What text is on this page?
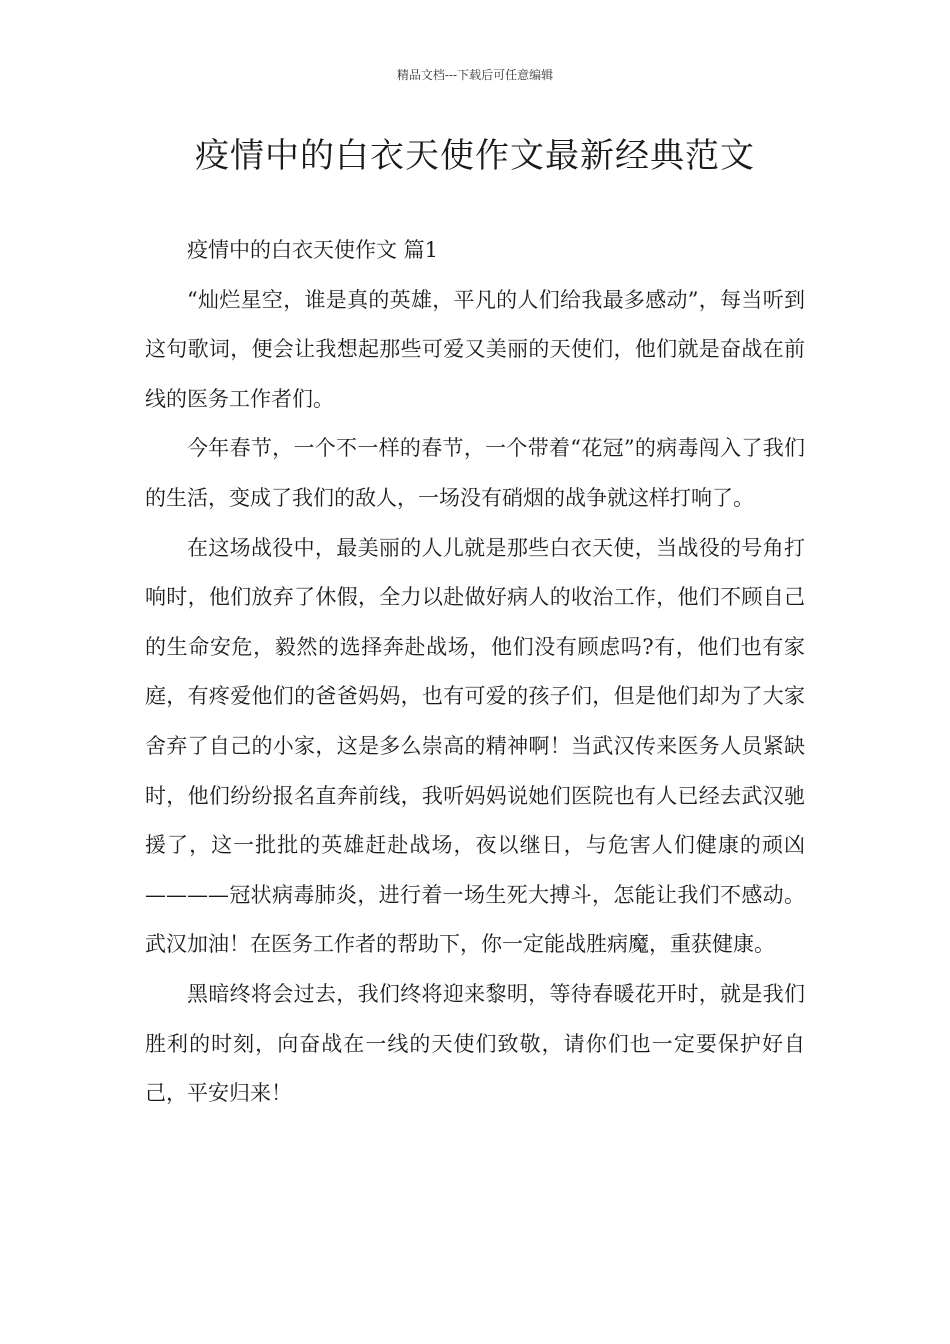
精品文档---下载后可任意编辑
疫情中的白衣天使作文最新经典范文

疫情中的白衣天使作文 篇1

“灿烂星空，谁是真的英雄，平凡的人们给我最多感动”，每当听到这句歌词，便会让我想起那些可爱又美丽的天使们，他们就是奋战在前线的医务工作者们。

今年春节，一个不一样的春节，一个带着“花冠”的病毒闯入了我们的生活，变成了我们的敌人，一场没有硝烟的战争就这样打响了。

在这场战役中，最美丽的人儿就是那些白衣天使，当战役的号角打响时，他们放弃了休假，全力以赴做好病人的收治工作，他们不顾自己的生命安危，毅然的选择奔赴战场，他们没有顾虑吗?有，他们也有家庭，有疼爱他们的爸爸妈妈，也有可爱的孩子们，但是他们却为了大家舍弃了自己的小家，这是多么崇高的精神啊！当武汉传来医务人员紧缺时，他们纷纷报名直奔前线，我听妈妈说她们医院也有人已经去武汉驰援了，这一批批的英雄赶赴战场，夜以继日，与危害人们健康的顽凶————冠状病毒肺炎，进行着一场生死大搏斗，怎能让我们不感动。武汉加油！在医务工作者的帮助下，你一定能战胜病魔，重获健康。

黑暗终将会过去，我们终将迎来黎明，等待春暖花开时，就是我们胜利的时刻，向奋战在一线的天使们致敬，请你们也一定要保护好自己，平安归来！
